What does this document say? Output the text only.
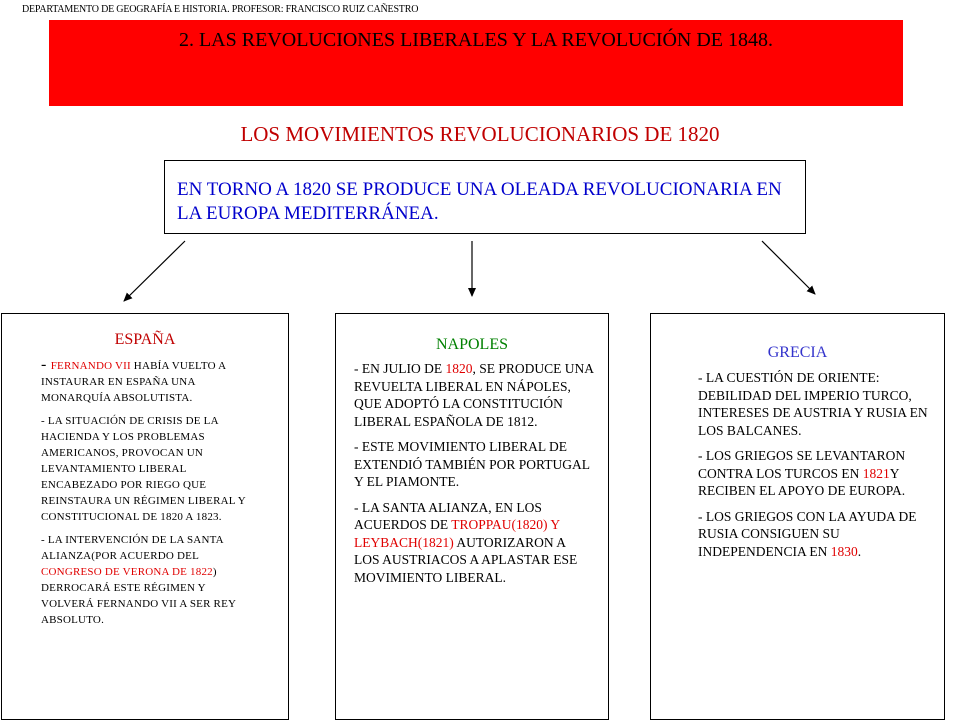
DEPARTAMENTO DE GEOGRAFÍA E HISTORIA. PROFESOR: FRANCISCO RUIZ CAÑESTRO
2. LAS REVOLUCIONES LIBERALES Y LA REVOLUCIÓN DE 1848.
LOS MOVIMIENTOS REVOLUCIONARIOS DE 1820
EN TORNO A 1820 SE PRODUCE UNA OLEADA REVOLUCIONARIA EN LA EUROPA MEDITERRÁNEA.
ESPAÑA
- FERNANDO VII HABÍA VUELTO A INSTAURAR EN ESPAÑA UNA MONARQUÍA ABSOLUTISTA.
- LA SITUACIÓN DE CRISIS DE LA HACIENDA Y LOS PROBLEMAS AMERICANOS, PROVOCAN UN LEVANTAMIENTO LIBERAL ENCABEZADO POR RIEGO QUE REINSTAURA UN RÉGIMEN LIBERAL Y CONSTITUCIONAL DE 1820 A 1823.
- LA INTERVENCIÓN DE LA SANTA ALIANZA(POR ACUERDO DEL CONGRESO DE VERONA DE 1822) DERROCARÁ ESTE RÉGIMEN Y VOLVERÁ FERNANDO VII A SER REY ABSOLUTO.
NAPOLES
- EN JULIO DE 1820, SE PRODUCE UNA REVUELTA LIBERAL EN NÁPOLES, QUE ADOPTÓ LA CONSTITUCIÓN LIBERAL ESPAÑOLA DE 1812.
- ESTE MOVIMIENTO LIBERAL DE EXTENDIÓ TAMBIÉN POR PORTUGAL Y EL PIAMONTE.
- LA SANTA ALIANZA, EN LOS ACUERDOS DE TROPPAU(1820) Y LEYBACH(1821) AUTORIZARON A LOS AUSTRIACOS A APLASTAR ESE MOVIMIENTO LIBERAL.
GRECIA
- LA CUESTIÓN DE ORIENTE: DEBILIDAD DEL IMPERIO TURCO, INTERESES DE AUSTRIA Y RUSIA EN LOS BALCANES.
- LOS GRIEGOS SE LEVANTARON CONTRA LOS TURCOS EN 1821Y RECIBEN EL APOYO DE EUROPA.
- LOS GRIEGOS CON LA AYUDA DE RUSIA CONSIGUEN SU INDEPENDENCIA EN 1830.
